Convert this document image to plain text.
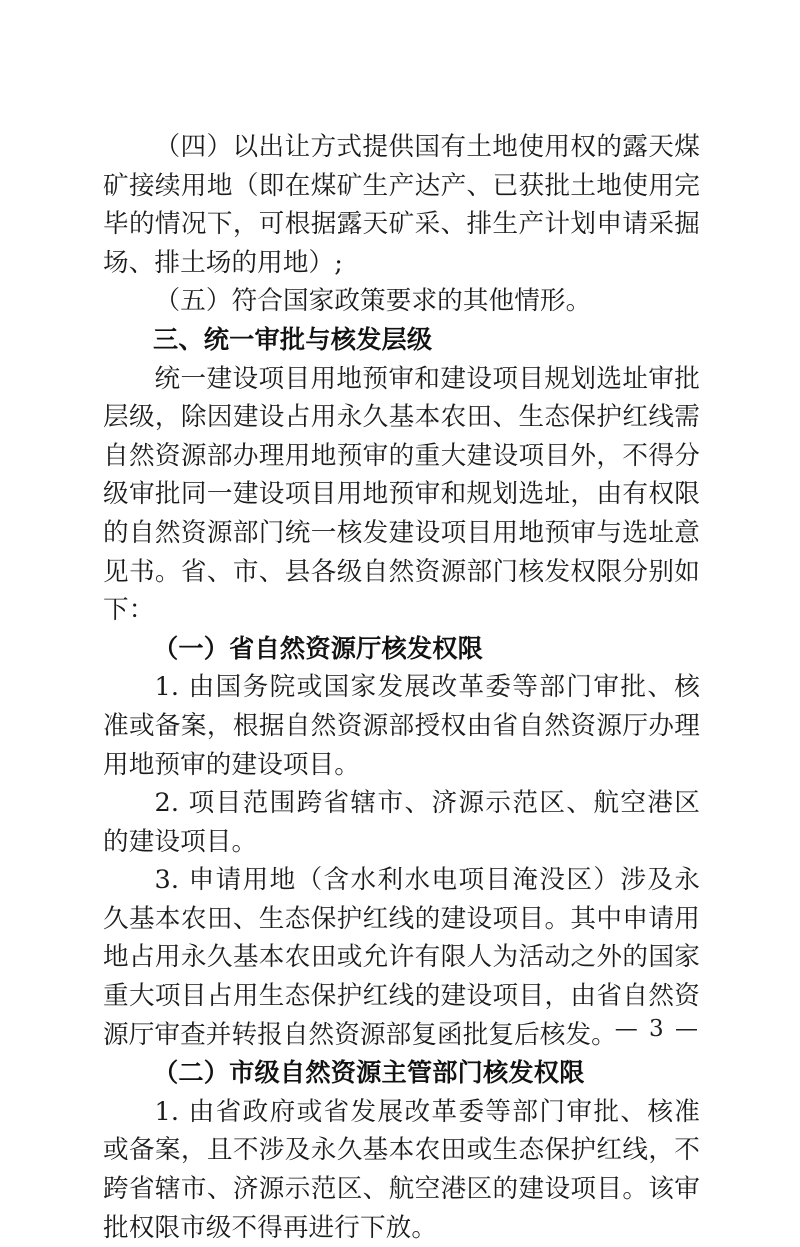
（四）以出让方式提供国有土地使用权的露天煤矿接续用地（即在煤矿生产达产、已获批土地使用完毕的情况下，可根据露天矿采、排生产计划申请采掘场、排土场的用地）;

（五）符合国家政策要求的其他情形。

三、统一审批与核发层级

统一建设项目用地预审和建设项目规划选址审批层级，除因建设占用永久基本农田、生态保护红线需自然资源部办理用地预审的重大建设项目外，不得分级审批同一建设项目用地预审和规划选址，由有权限的自然资源部门统一核发建设项目用地预审与选址意见书。省、市、县各级自然资源部门核发权限分别如下：

（一）省自然资源厅核发权限

1. 由国务院或国家发展改革委等部门审批、核准或备案，根据自然资源部授权由省自然资源厅办理用地预审的建设项目。

2. 项目范围跨省辖市、济源示范区、航空港区的建设项目。

3. 申请用地（含水利水电项目淹没区）涉及永久基本农田、生态保护红线的建设项目。其中申请用地占用永久基本农田或允许有限人为活动之外的国家重大项目占用生态保护红线的建设项目，由省自然资源厅审查并转报自然资源部复函批复后核发。

（二）市级自然资源主管部门核发权限

1. 由省政府或省发展改革委等部门审批、核准或备案，且不涉及永久基本农田或生态保护红线，不跨省辖市、济源示范区、航空港区的建设项目。该审批权限市级不得再进行下放。

— 3 —
